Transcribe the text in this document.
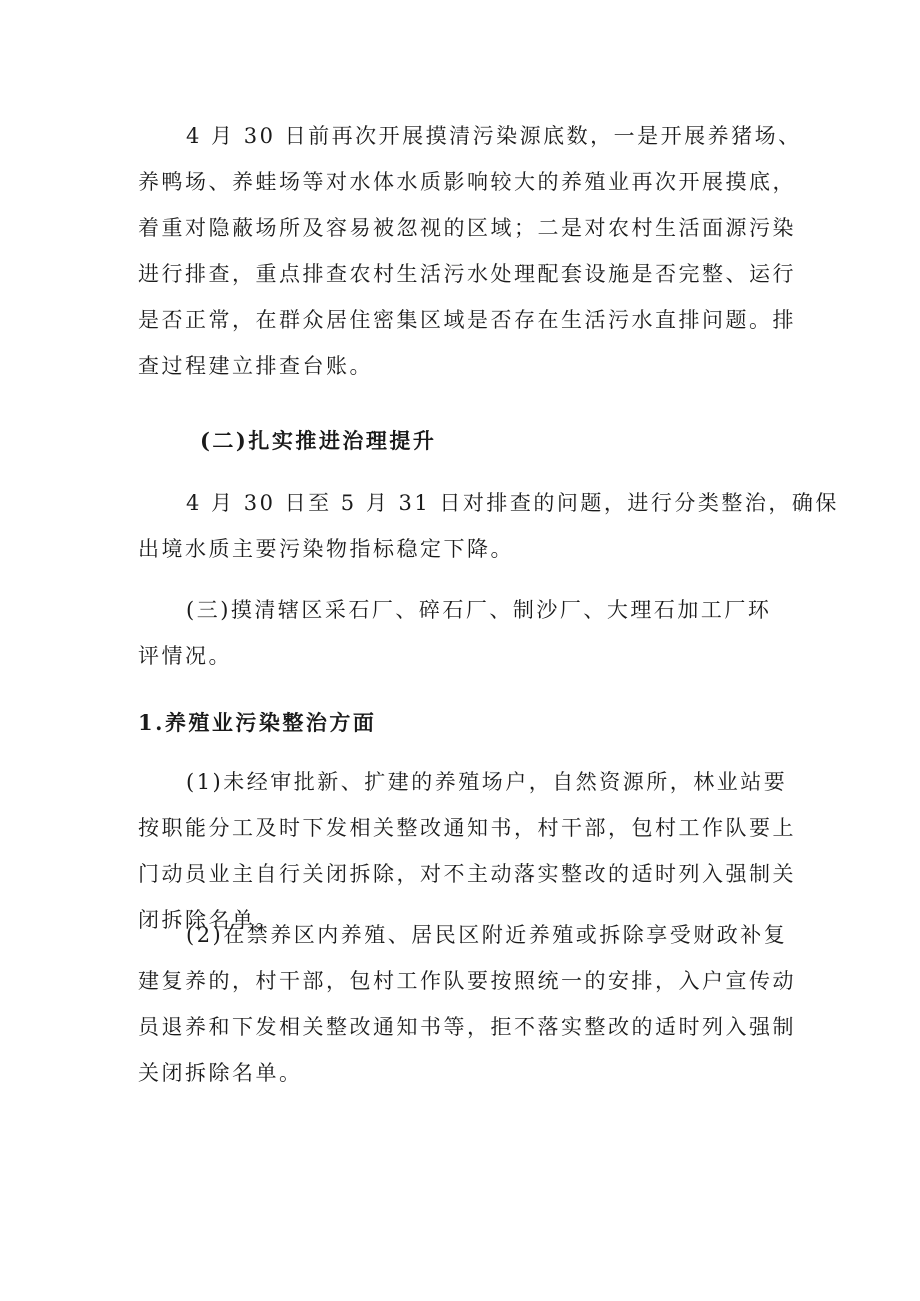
4 月 30 日前再次开展摸清污染源底数，一是开展养猪场、
养鸭场、养蛙场等对水体水质影响较大的养殖业再次开展摸底，
着重对隐蔽场所及容易被忽视的区域；二是对农村生活面源污染
进行排查，重点排查农村生活污水处理配套设施是否完整、运行
是否正常，在群众居住密集区域是否存在生活污水直排问题。排
查过程建立排查台账。
(二)扎实推进治理提升
4 月 30 日至 5 月 31 日对排查的问题，进行分类整治，确保
出境水质主要污染物指标稳定下降。
(三)摸清辖区采石厂、碎石厂、制沙厂、大理石加工厂环
评情况。
1.养殖业污染整治方面
(1)未经审批新、扩建的养殖场户，自然资源所，林业站要
按职能分工及时下发相关整改通知书，村干部，包村工作队要上
门动员业主自行关闭拆除，对不主动落实整改的适时列入强制关
闭拆除名单。
(2)在禁养区内养殖、居民区附近养殖或拆除享受财政补复
建复养的，村干部，包村工作队要按照统一的安排，入户宣传动
员退养和下发相关整改通知书等，拒不落实整改的适时列入强制
关闭拆除名单。
